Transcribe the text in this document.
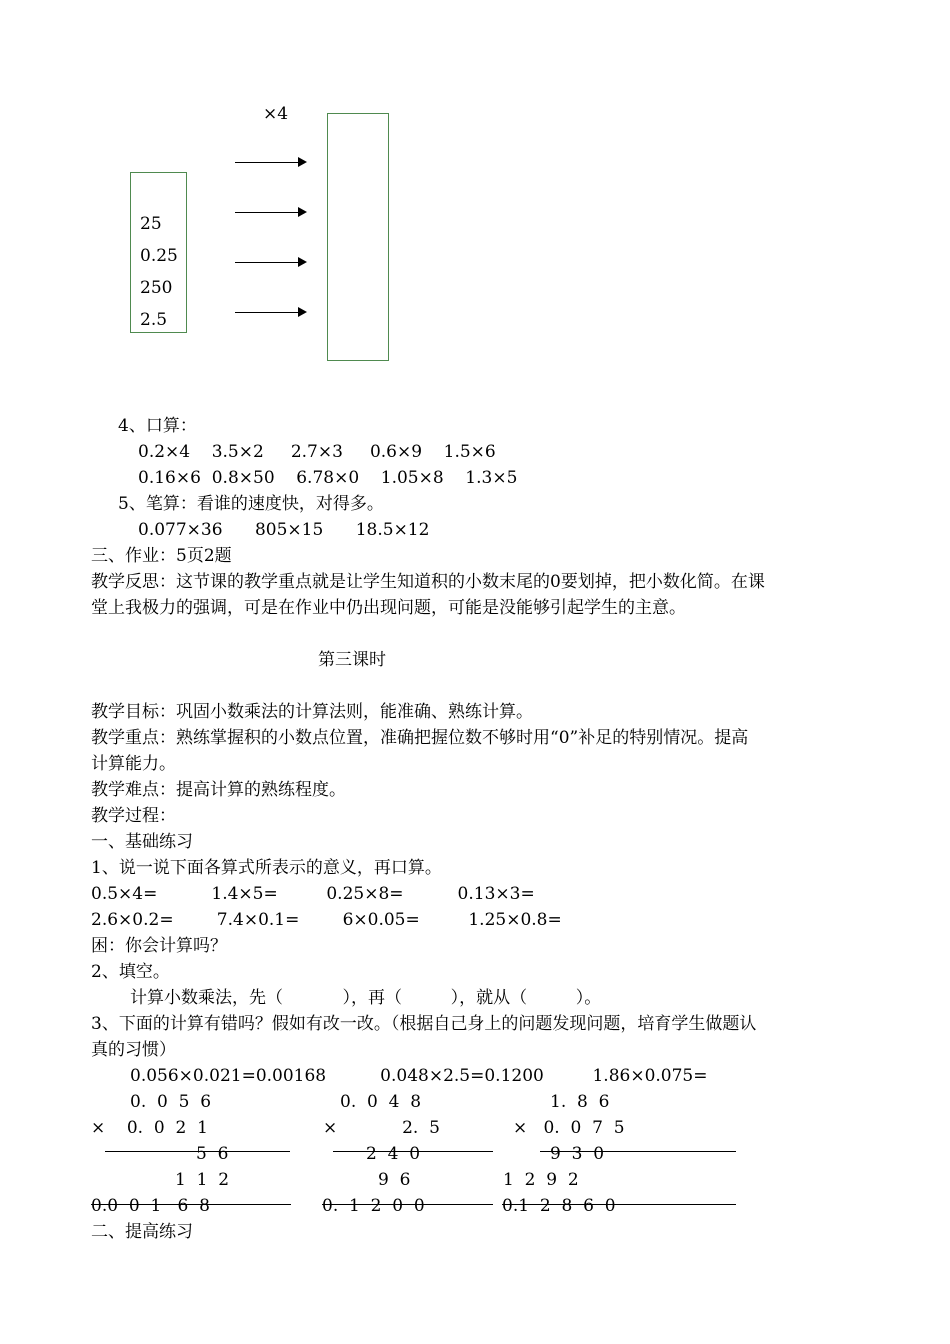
×4
25
0.25
250
2.5
4、口算：
0.2×4    3.5×2     2.7×3     0.6×9    1.5×6
0.16×6  0.8×50    6.78×0    1.05×8    1.3×5
5、笔算：看谁的速度快，对得多。
0.077×36      805×15      18.5×12
三、作业：5页2题
教学反思：这节课的教学重点就是让学生知道积的小数末尾的0要划掉，把小数化简。在课
堂上我极力的强调，可是在作业中仍出现问题，可能是没能够引起学生的主意。
第三课时
教学目标：巩固小数乘法的计算法则，能准确、熟练计算。
教学重点：熟练掌握积的小数点位置，准确把握位数不够时用“0”补足的特别情况。提高
计算能力。
教学难点：提高计算的熟练程度。
教学过程：
一、基础练习
1、说一说下面各算式所表示的意义，再口算。
0.5×4=          1.4×5=         0.25×8=          0.13×3=
2.6×0.2=        7.4×0.1=        6×0.05=         1.25×0.8=
困：你会计算吗？
2、填空。
计算小数乘法，先（           ），再（         ），就从（         ）。
3、下面的计算有错吗？假如有改一改。（根据自己身上的问题发现问题，培育学生做题认
真的习惯）
0.056×0.021=0.00168          0.048×2.5=0.1200         1.86×0.075=
0.  0  5  6
×    0.  0  2  1
5  6
1  1  2
0.0  0  1   6  8
0.  0  4  8
×            2.  5
2  4  0
9  6
0.  1  2  0  0
1.  8  6
×   0.  0  7  5
9  3  0
1  2  9  2
0.1  2  8  6  0
二、提高练习
